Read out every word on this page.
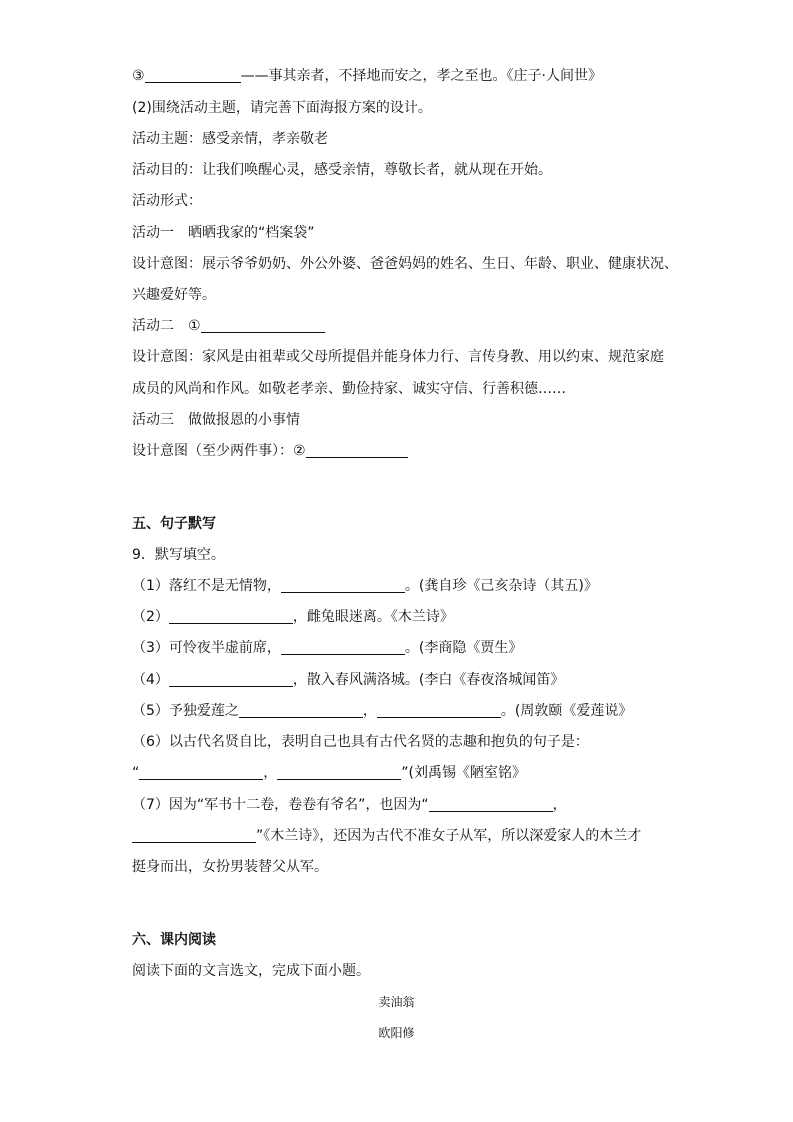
③	——事其亲者，不择地而安之，孝之至也。《庄子·人间世》
(2)围绕活动主题，请完善下面海报方案的设计。
活动主题：感受亲情，孝亲敬老
活动目的：让我们唤醒心灵，感受亲情，尊敬长者，就从现在开始。
活动形式：
活动一　晒晒我家的“档案袋”
设计意图：展示爷爷奶奶、外公外婆、爸爸妈妈的姓名、生日、年龄、职业、健康状况、
兴趣爱好等。
活动二　①
设计意图：家风是由祖辈或父母所提倡并能身体力行、言传身教、用以约束、规范家庭
成员的风尚和作风。如敬老孝亲、勤俭持家、诚实守信、行善积德……
活动三　做做报恩的小事情
设计意图（至少两件事）：②
五、句子默写
9．默写填空。
（1）落红不是无情物，	。(龚自珍《己亥杂诗（其五)》
（2）	，雌兔眼迷离。《木兰诗》
（3）可怜夜半虚前席，	。(李商隐《贾生》
（4）	，散入春风满洛城。(李白《春夜洛城闻笛》
（5）予独爱莲之	，	。(周敦颐《爱莲说》
（6）以古代名贤自比，表明自己也具有古代名贤的志趣和抱负的句子是：
“	，	”(刘禹锡《陋室铭》
（7）因为“军书十二卷，卷卷有爷名”，也因为“	，
”《木兰诗》，还因为古代不准女子从军，所以深爱家人的木兰才
挺身而出，女扮男装替父从军。
六、课内阅读
阅读下面的文言选文，完成下面小题。
卖油翁
欧阳修
